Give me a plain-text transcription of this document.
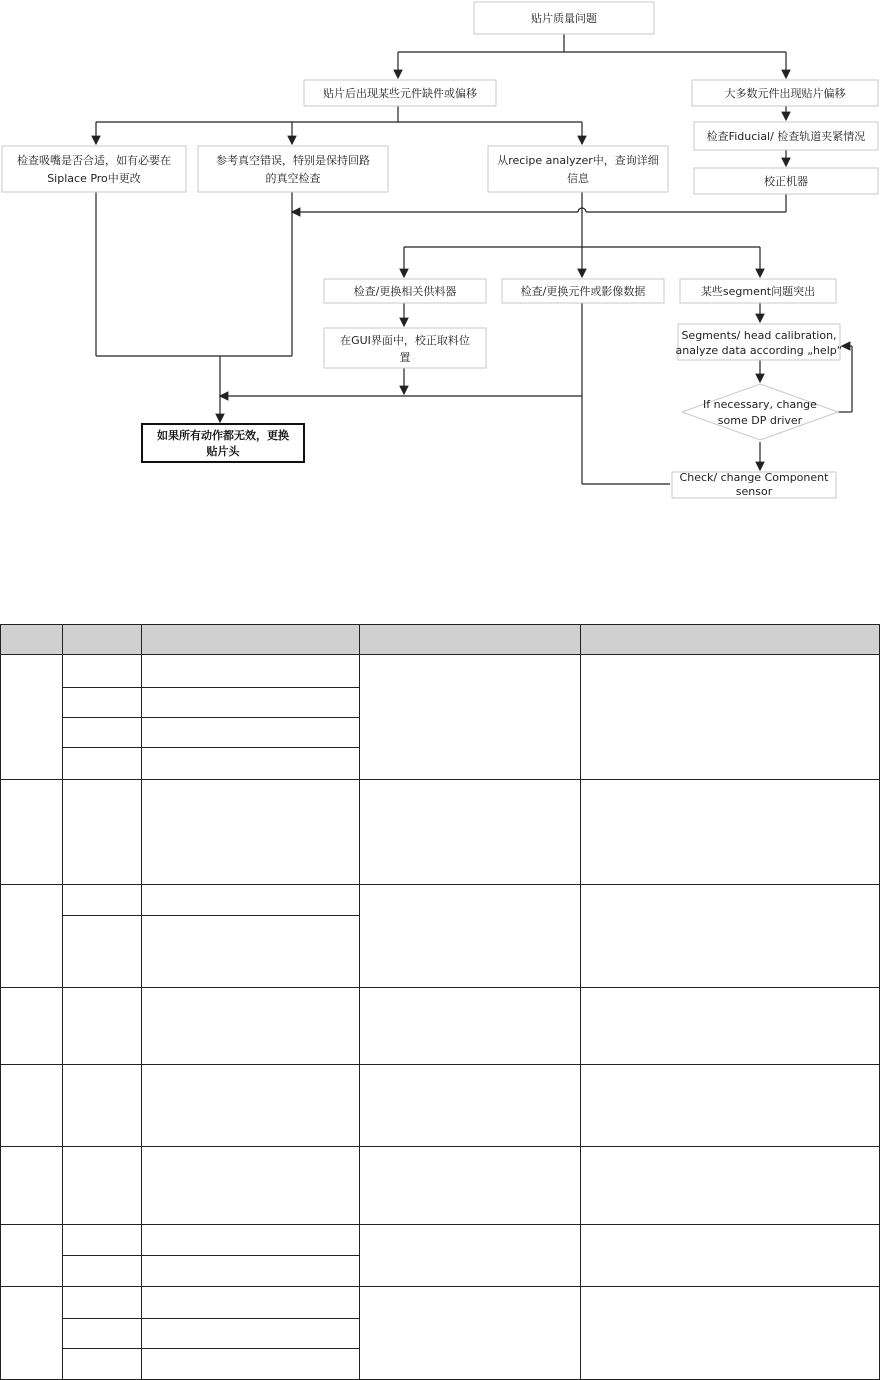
贴片质量问题
贴片后出现某些元件缺件或偏移	大多数元件出现贴片偏移
检查吸嘴是否合适，如有必要在
Siplace Pro中更改
参考真空错误，特别是保持回路
的真空检查
从recipe analyzer中，查询详细
信息
检查Fiducial/ 检查轨道夹紧情况
校正机器
检查/更换相关供料器	检查/更换元件或影像数据	某些segment问题突出
在GUI界面中，校正取料位
置
Segments/ head calibration,
analyze data according „help“
If necessary, change
some DP driver
Check/ change Component
sensor
如果所有动作都无效，更换
贴片头
